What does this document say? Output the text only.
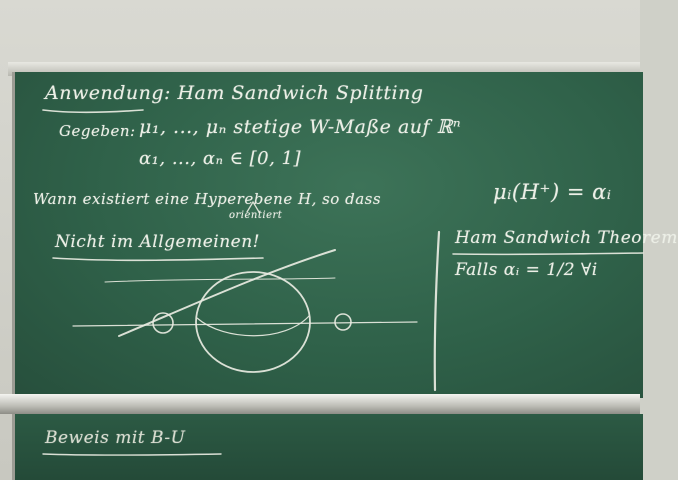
Anwendung: Ham Sandwich Splitting
Gegeben: μ₁, ..., μₙ stetige W-Maße auf ℝⁿ
α₁, ..., αₙ ∈ [0, 1]
Wann existiert eine Hyperebene H, so dass
orientiert
μᵢ(H⁺) = αᵢ
Nicht im Allgemeinen!	Ham Sandwich Theorem
Falls αᵢ = 1/2 ∀i
Beweis mit B-U
